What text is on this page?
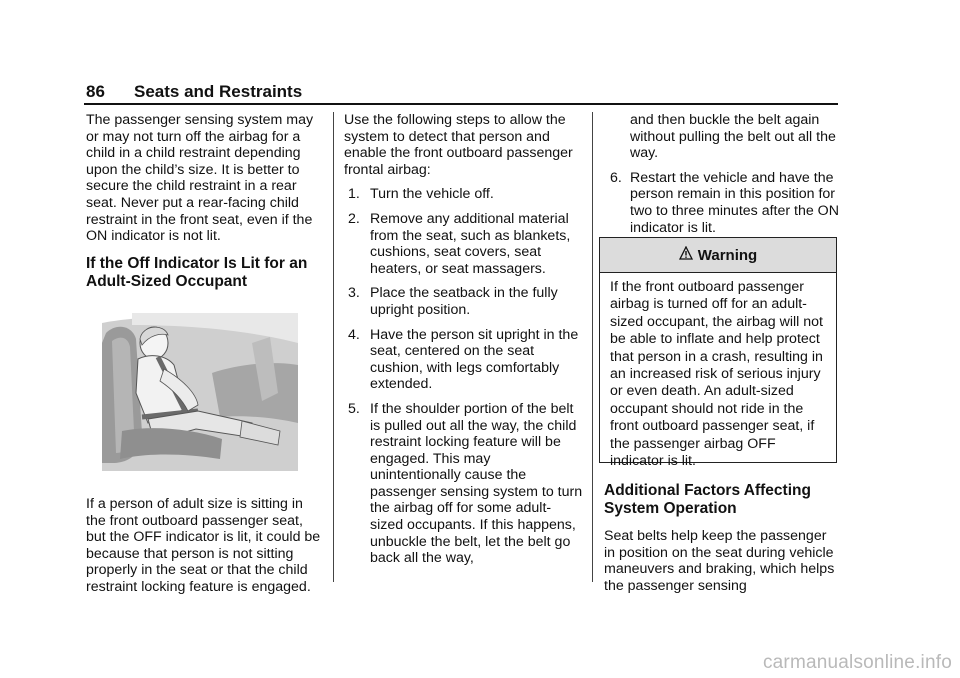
86 Seats and Restraints

The passenger sensing system may or may not turn off the airbag for a child in a child restraint depending upon the child’s size. It is better to secure the child restraint in a rear seat. Never put a rear-facing child restraint in the front seat, even if the ON indicator is not lit.

If the Off Indicator Is Lit for an
Adult-Sized Occupant

If a person of adult size is sitting in the front outboard passenger seat, but the OFF indicator is lit, it could be because that person is not sitting properly in the seat or that the child restraint locking feature is engaged.

Use the following steps to allow the system to detect that person and enable the front outboard passenger frontal airbag:

1. Turn the vehicle off.
2. Remove any additional material from the seat, such as blankets, cushions, seat covers, seat heaters, or seat massagers.
3. Place the seatback in the fully upright position.
4. Have the person sit upright in the seat, centered on the seat cushion, with legs comfortably extended.
5. If the shoulder portion of the belt is pulled out all the way, the child restraint locking feature will be engaged. This may unintentionally cause the passenger sensing system to turn the airbag off for some adult-sized occupants. If this happens, unbuckle the belt, let the belt go back all the way,
and then buckle the belt again without pulling the belt out all the way.
6. Restart the vehicle and have the person remain in this position for two to three minutes after the ON indicator is lit.
Warning
If the front outboard passenger airbag is turned off for an adult-sized occupant, the airbag will not be able to inflate and help protect that person in a crash, resulting in an increased risk of serious injury or even death. An adult-sized occupant should not ride in the front outboard passenger seat, if the passenger airbag OFF indicator is lit.
Additional Factors Affecting
System Operation

Seat belts help keep the passenger in position on the seat during vehicle maneuvers and braking, which helps the passenger sensing

carmanualsonline.info
